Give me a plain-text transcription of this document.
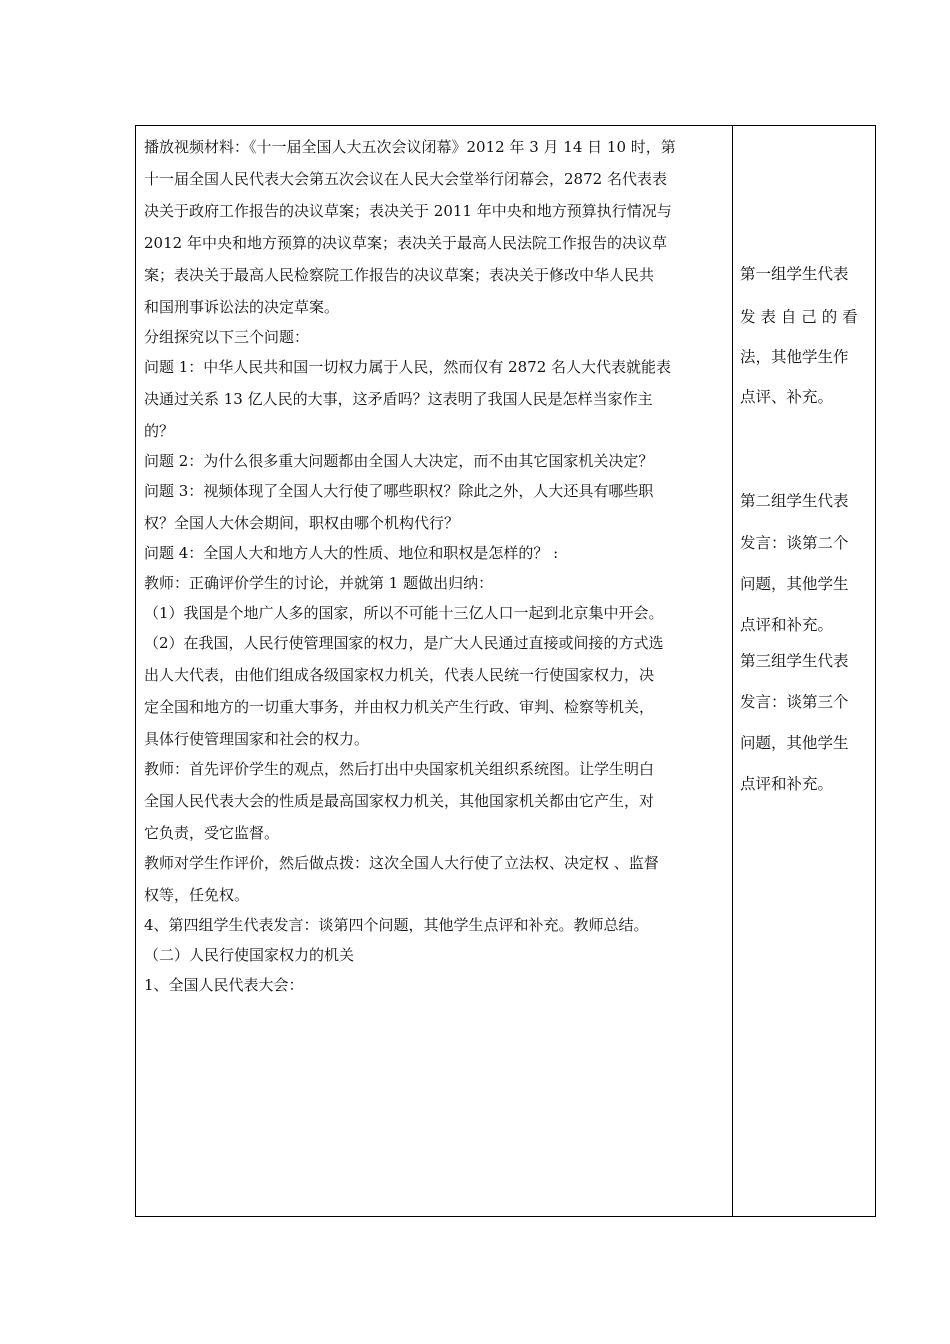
播放视频材料：《十一届全国人大五次会议闭幕》2012 年 3 月 14 日 10 时，第
十一届全国人民代表大会第五次会议在人民大会堂举行闭幕会，2872 名代表表
决关于政府工作报告的决议草案；表决关于 2011 年中央和地方预算执行情况与
2012 年中央和地方预算的决议草案；表决关于最高人民法院工作报告的决议草
案；表决关于最高人民检察院工作报告的决议草案；表决关于修改中华人民共
和国刑事诉讼法的决定草案。
分组探究以下三个问题：
问题 1：中华人民共和国一切权力属于人民，然而仅有 2872 名人大代表就能表
决通过关系 13 亿人民的大事，这矛盾吗？这表明了我国人民是怎样当家作主
的？
问题 2：为什么很多重大问题都由全国人大决定，而不由其它国家机关决定？
问题 3：视频体现了全国人大行使了哪些职权？除此之外，人大还具有哪些职
权？全国人大休会期间，职权由哪个机构代行？
问题 4：全国人大和地方人大的性质、地位和职权是怎样的？ :
教师：正确评价学生的讨论，并就第 1 题做出归纳：
（1）我国是个地广人多的国家，所以不可能十三亿人口一起到北京集中开会。
（2）在我国，人民行使管理国家的权力，是广大人民通过直接或间接的方式选
出人大代表，由他们组成各级国家权力机关，代表人民统一行使国家权力，决
定全国和地方的一切重大事务，并由权力机关产生行政、审判、检察等机关，
具体行使管理国家和社会的权力。
教师：首先评价学生的观点，然后打出中央国家机关组织系统图。让学生明白
全国人民代表大会的性质是最高国家权力机关，其他国家机关都由它产生，对
它负责，受它监督。
教师对学生作评价，然后做点拨：这次全国人大行使了立法权、决定权 、监督
权等，任免权。
4、第四组学生代表发言：谈第四个问题，其他学生点评和补充。教师总结。
（二）人民行使国家权力的机关
1、全国人民代表大会：
第一组学生代表
发 表 自 己 的 看
法，其他学生作
点评、补充。
第二组学生代表
发言：谈第二个
问题，其他学生
点评和补充。
第三组学生代表
发言：谈第三个
问题，其他学生
点评和补充。
